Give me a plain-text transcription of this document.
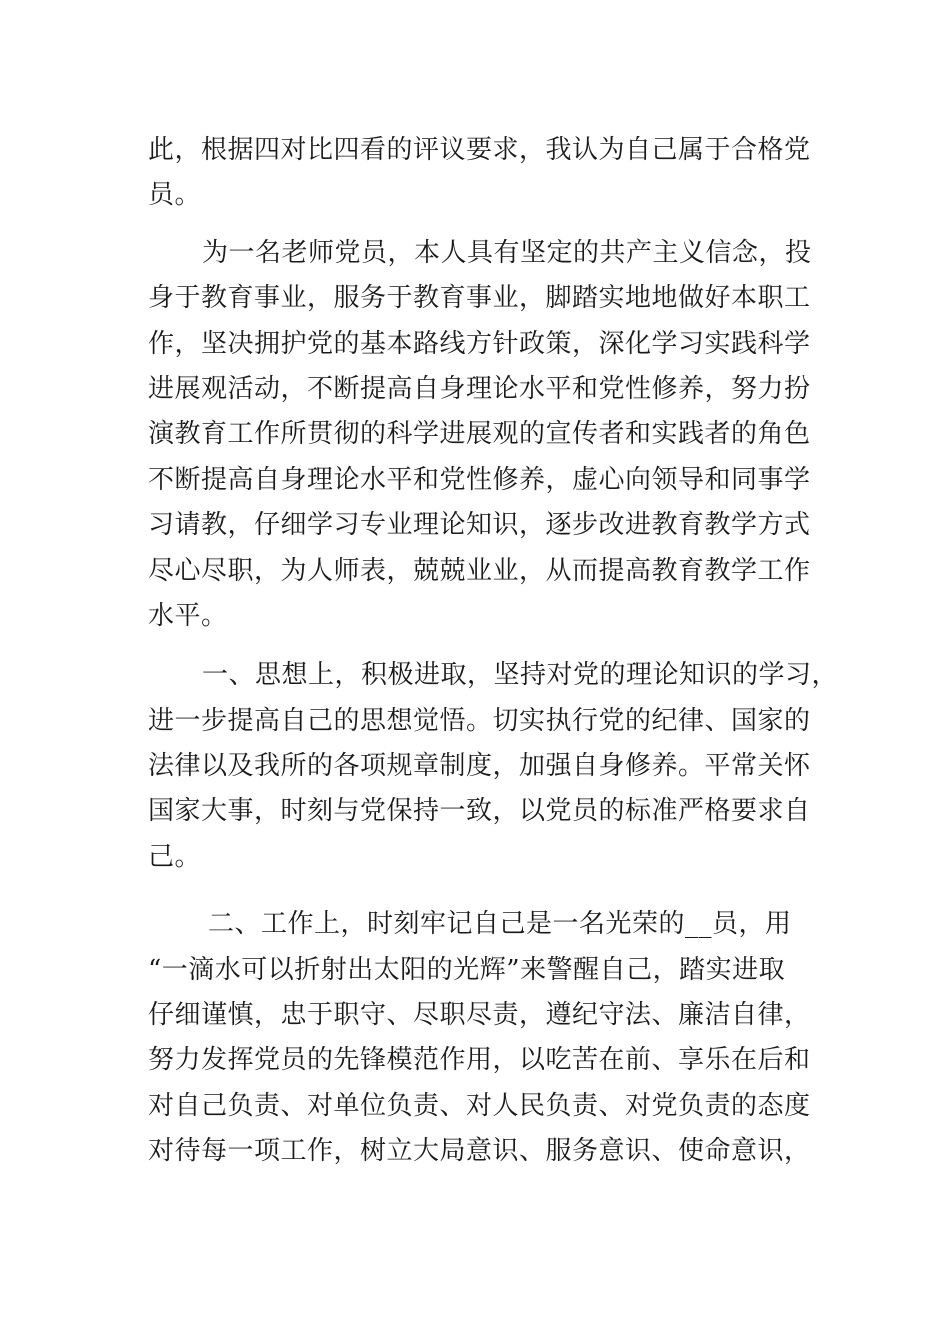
此，根据四对比四看的评议要求，我认为自己属于合格党
员。
为一名老师党员，本人具有坚定的共产主义信念，投
身于教育事业，服务于教育事业，脚踏实地地做好本职工
作，坚决拥护党的基本路线方针政策，深化学习实践科学
进展观活动，不断提高自身理论水平和党性修养，努力扮
演教育工作所贯彻的科学进展观的宣传者和实践者的角色
不断提高自身理论水平和党性修养，虚心向领导和同事学
习请教，仔细学习专业理论知识，逐步改进教育教学方式
尽心尽职，为人师表，兢兢业业，从而提高教育教学工作
水平。
一、思想上，积极进取，坚持对党的理论知识的学习，
进一步提高自己的思想觉悟。切实执行党的纪律、国家的
法律以及我所的各项规章制度，加强自身修养。平常关怀
国家大事，时刻与党保持一致，以党员的标准严格要求自
己。
二、工作上，时刻牢记自己是一名光荣的__员，用
“一滴水可以折射出太阳的光辉”来警醒自己，踏实进取
仔细谨慎，忠于职守、尽职尽责，遵纪守法、廉洁自律，
努力发挥党员的先锋模范作用，以吃苦在前、享乐在后和
对自己负责、对单位负责、对人民负责、对党负责的态度
对待每一项工作，树立大局意识、服务意识、使命意识，
